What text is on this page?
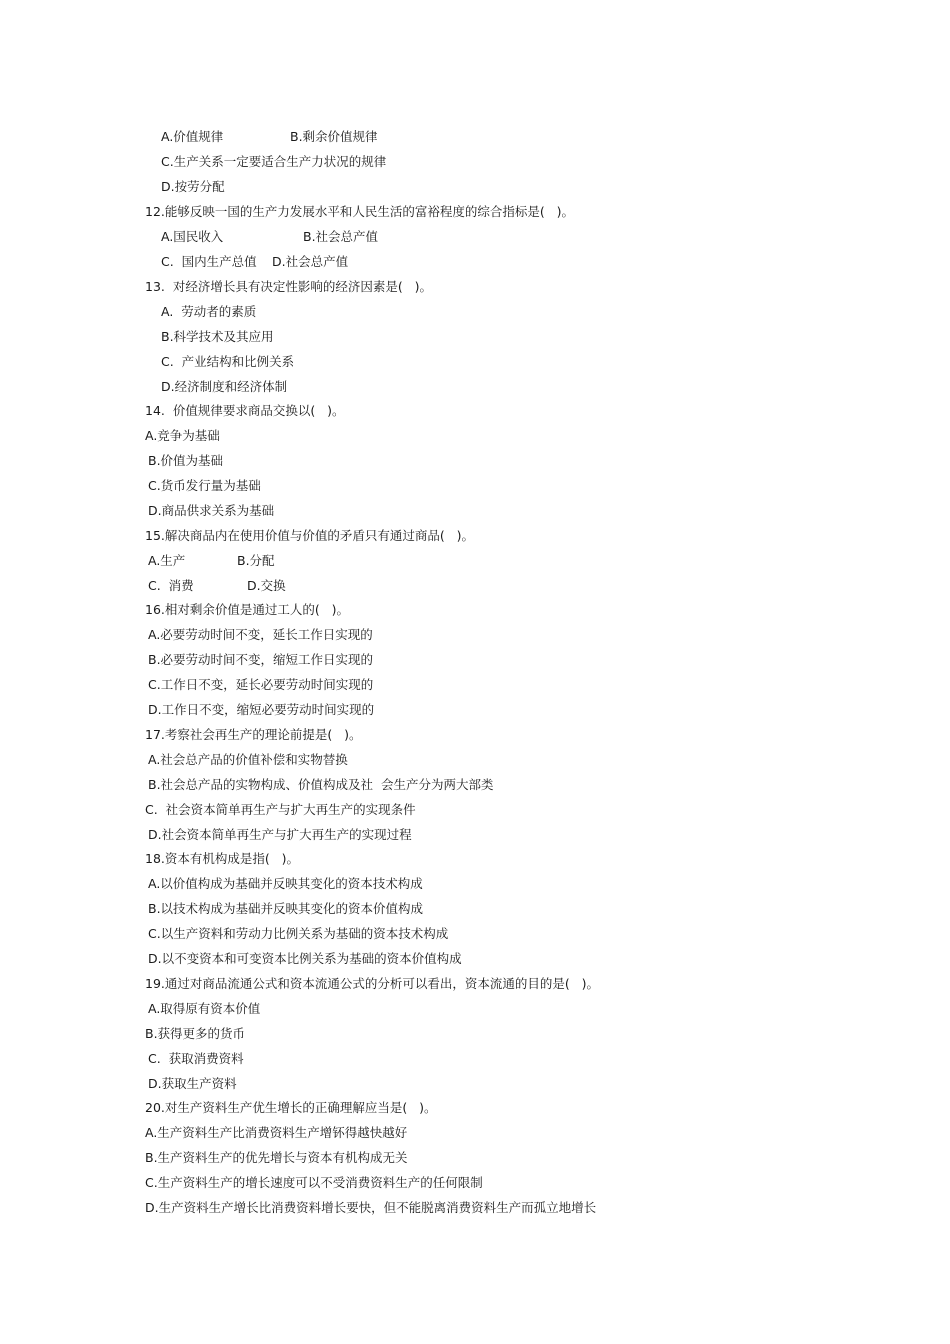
A.价值规律	B.剩余价值规律
C.生产关系一定要适合生产力状况的规律
D.按劳分配
12.能够反映一国的生产力发展水平和人民生活的富裕程度的综合指标是(   )。
A.国民收入	B.社会总产值
C.  国内生产总值 D.社会总产值
13.  对经济增长具有决定性影响的经济因素是(   )。
A.  劳动者的素质
B.科学技术及其应用
C.  产业结构和比例关系
D.经济制度和经济体制
14.  价值规律要求商品交换以(   )。
A.竞争为基础
B.价值为基础
C.货币发行量为基础
D.商品供求关系为基础
15.解决商品内在使用价值与价值的矛盾只有通过商品(   )。
A.生产	B.分配
C.  消费	D.交换
16.相对剩余价值是通过工人的(   )。
A.必要劳动时间不变，延长工作日实现的
B.必要劳动时间不变，缩短工作日实现的
C.工作日不变，延长必要劳动时间实现的
D.工作日不变，缩短必要劳动时间实现的
17.考察社会再生产的理论前提是(   )。
A.社会总产品的价值补偿和实物替换
B.社会总产品的实物构成、价值构成及社  会生产分为两大部类
C.  社会资本简单再生产与扩大再生产的实现条件
D.社会资本简单再生产与扩大再生产的实现过程
18.资本有机构成是指(   )。
A.以价值构成为基础并反映其变化的资本技术构成
B.以技术构成为基础并反映其变化的资本价值构成
C.以生产资料和劳动力比例关系为基础的资本技术构成
D.以不变资本和可变资本比例关系为基础的资本价值构成
19.通过对商品流通公式和资本流通公式的分析可以看出，资本流通的目的是(   )。
A.取得原有资本价值
B.获得更多的货币
C.  获取消费资料
D.获取生产资料
20.对生产资料生产优生增长的正确理解应当是(   )。
A.生产资料生产比消费资料生产增钚得越快越好
B.生产资料生产的优先增长与资本有机构成无关
C.生产资料生产的增长速度可以不受消费资料生产的任何限制
D.生产资料生产增长比消费资料增长要快，但不能脱离消费资料生产而孤立地增长
